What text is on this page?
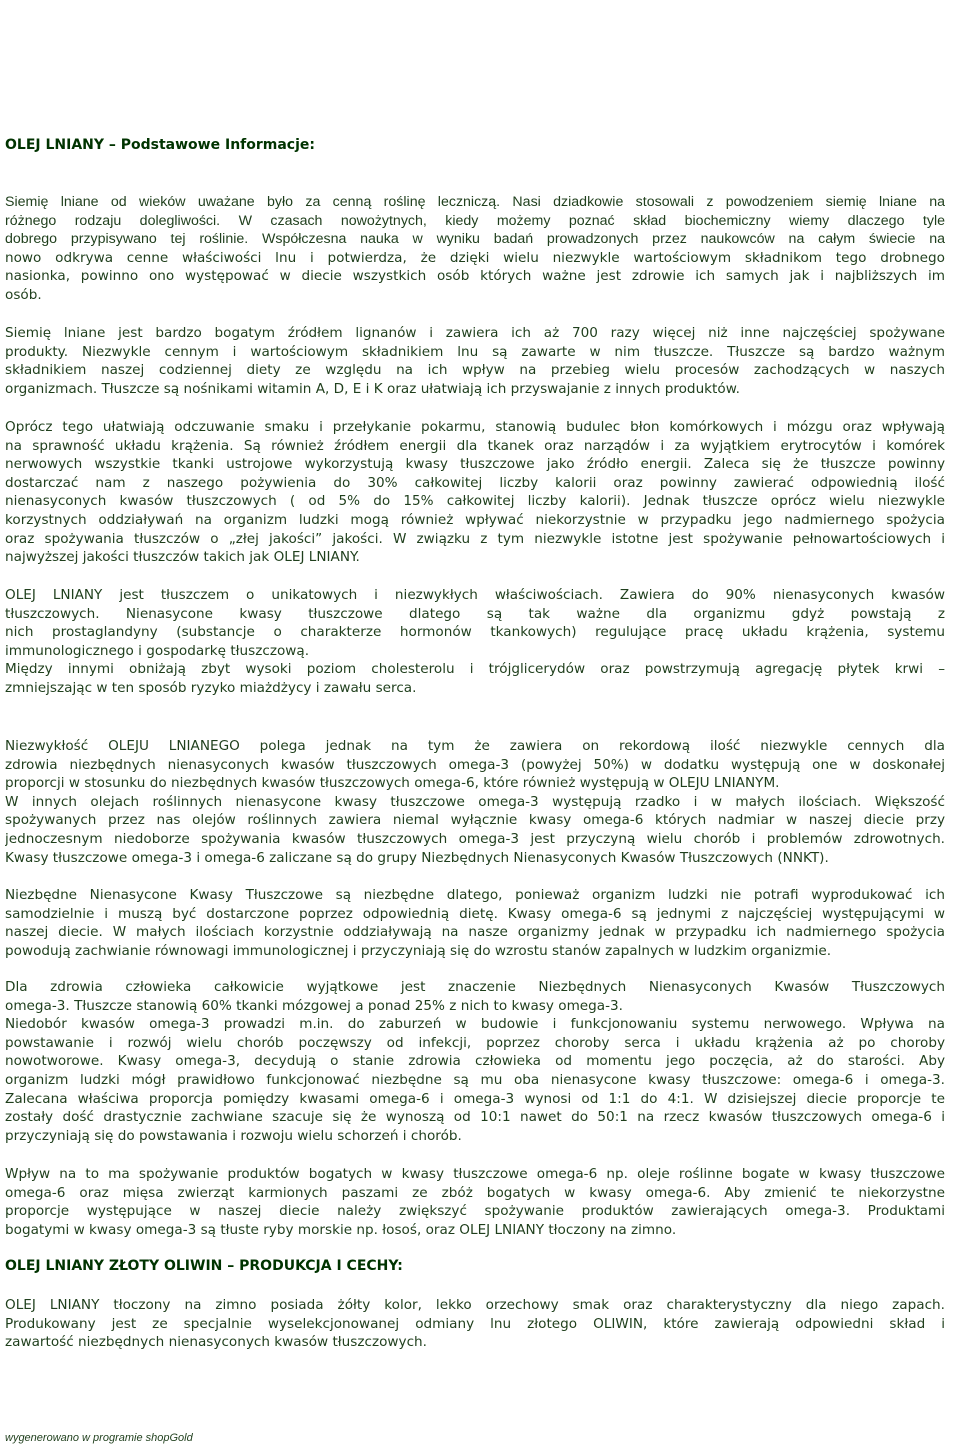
OLEJ LNIANY – Podstawowe Informacje:
Siemię lniane od wieków uważane było za cenną roślinę leczniczą. Nasi dziadkowie stosowali z powodzeniem siemię lniane na
różnego rodzaju dolegliwości. W czasach nowożytnych, kiedy możemy poznać skład biochemiczny wiemy dlaczego tyle
dobrego przypisywano tej roślinie. Współczesna nauka w wyniku badań prowadzonych przez naukowców na całym świecie na
nowo odkrywa cenne właściwości lnu i potwierdza, że dzięki wielu niezwykle wartościowym składnikom tego drobnego
nasionka, powinno ono występować w diecie wszystkich osób których ważne jest zdrowie ich samych jak i najbliższych im
osób.
Siemię lniane jest bardzo bogatym źródłem lignanów i zawiera ich aż 700 razy więcej niż inne najczęściej spożywane
produkty. Niezwykle cennym i wartościowym składnikiem lnu są zawarte w nim tłuszcze. Tłuszcze są bardzo ważnym
składnikiem naszej codziennej diety ze względu na ich wpływ na przebieg wielu procesów zachodzących w naszych
organizmach. Tłuszcze są nośnikami witamin A, D, E i K oraz ułatwiają ich przyswajanie z innych produktów.
Oprócz tego ułatwiają odczuwanie smaku i przełykanie pokarmu, stanowią budulec błon komórkowych i mózgu oraz wpływają
na sprawność układu krążenia. Są również źródłem energii dla tkanek oraz narządów i za wyjątkiem erytrocytów i komórek
nerwowych wszystkie tkanki ustrojowe wykorzystują kwasy tłuszczowe jako źródło energii. Zaleca się że tłuszcze powinny
dostarczać nam z naszego pożywienia do 30% całkowitej liczby kalorii oraz powinny zawierać odpowiednią ilość
nienasyconych kwasów tłuszczowych ( od 5% do 15% całkowitej liczby kalorii). Jednak tłuszcze oprócz wielu niezwykle
korzystnych oddziaływań na organizm ludzki mogą również wpływać niekorzystnie w przypadku jego nadmiernego spożycia
oraz spożywania tłuszczów o „złej jakości” jakości. W związku z tym niezwykle istotne jest spożywanie pełnowartościowych i
najwyższej jakości tłuszczów takich jak OLEJ LNIANY.
OLEJ LNIANY jest tłuszczem o unikatowych i niezwykłych właściwościach. Zawiera do 90% nienasyconych kwasów
tłuszczowych. Nienasycone kwasy tłuszczowe dlatego są tak ważne dla organizmu gdyż powstają z
nich prostaglandyny (substancje o charakterze hormonów tkankowych) regulujące pracę układu krążenia, systemu
immunologicznego i gospodarkę tłuszczową.
Między innymi obniżają zbyt wysoki poziom cholesterolu i trójglicerydów oraz powstrzymują agregację płytek krwi –
zmniejszając w ten sposób ryzyko miażdżycy i zawału serca.
Niezwykłość OLEJU LNIANEGO polega jednak na tym że zawiera on rekordową ilość niezwykle cennych dla
zdrowia niezbędnych nienasyconych kwasów tłuszczowych omega-3 (powyżej 50%) w dodatku występują one w doskonałej
proporcji w stosunku do niezbędnych kwasów tłuszczowych omega-6, które również występują w OLEJU LNIANYM.
W innych olejach roślinnych nienasycone kwasy tłuszczowe omega-3 występują rzadko i w małych ilościach. Większość
spożywanych przez nas olejów roślinnych zawiera niemal wyłącznie kwasy omega-6 których nadmiar w naszej diecie przy
jednoczesnym niedoborze spożywania kwasów tłuszczowych omega-3 jest przyczyną wielu chorób i problemów zdrowotnych.
Kwasy tłuszczowe omega-3 i omega-6 zaliczane są do grupy Niezbędnych Nienasyconych Kwasów Tłuszczowych (NNKT).
Niezbędne Nienasycone Kwasy Tłuszczowe są niezbędne dlatego, ponieważ organizm ludzki nie potrafi wyprodukować ich
samodzielnie i muszą być dostarczone poprzez odpowiednią dietę. Kwasy omega-6 są jednymi z najczęściej występującymi w
naszej diecie. W małych ilościach korzystnie oddziaływają na nasze organizmy jednak w przypadku ich nadmiernego spożycia
powodują zachwianie równowagi immunologicznej i przyczyniają się do wzrostu stanów zapalnych w ludzkim organizmie.
Dla zdrowia człowieka całkowicie wyjątkowe jest znaczenie Niezbędnych Nienasyconych Kwasów Tłuszczowych
omega-3. Tłuszcze stanowią 60% tkanki mózgowej a ponad 25% z nich to kwasy omega-3.
Niedobór kwasów omega-3 prowadzi m.in. do zaburzeń w budowie i funkcjonowaniu systemu nerwowego. Wpływa na
powstawanie i rozwój wielu chorób poczęwszy od infekcji, poprzez choroby serca i układu krążenia aż po choroby
nowotworowe. Kwasy omega-3, decydują o stanie zdrowia człowieka od momentu jego poczęcia, aż do starości. Aby
organizm ludzki mógł prawidłowo funkcjonować niezbędne są mu oba nienasycone kwasy tłuszczowe: omega-6 i omega-3.
Zalecana właściwa proporcja pomiędzy kwasami omega-6 i omega-3 wynosi od 1:1 do 4:1. W dzisiejszej diecie proporcje te
zostały dość drastycznie zachwiane szacuje się że wynoszą od 10:1 nawet do 50:1 na rzecz kwasów tłuszczowych omega-6 i
przyczyniają się do powstawania i rozwoju wielu schorzeń i chorób.
Wpływ na to ma spożywanie produktów bogatych w kwasy tłuszczowe omega-6 np. oleje roślinne bogate w kwasy tłuszczowe
omega-6 oraz mięsa zwierząt karmionych paszami ze zbóż bogatych w kwasy omega-6. Aby zmienić te niekorzystne
proporcje występujące w naszej diecie należy zwiększyć spożywanie produktów zawierających omega-3. Produktami
bogatymi w kwasy omega-3 są tłuste ryby morskie np. łosoś, oraz OLEJ LNIANY tłoczony na zimno.
OLEJ LNIANY ZŁOTY OLIWIN – PRODUKCJA I CECHY:
OLEJ LNIANY tłoczony na zimno posiada żółty kolor, lekko orzechowy smak oraz charakterystyczny dla niego zapach.
Produkowany jest ze specjalnie wyselekcjonowanej odmiany lnu złotego OLIWIN, które zawierają odpowiedni skład i
zawartość niezbędnych nienasyconych kwasów tłuszczowych.
wygenerowano w programie shopGold
